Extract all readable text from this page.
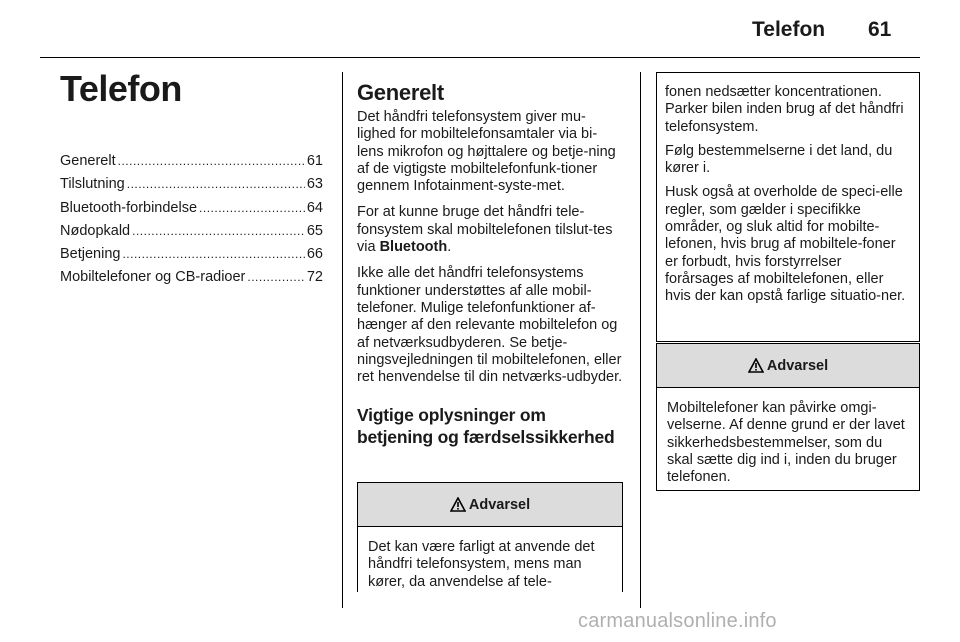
Telefon 61
Telefon
Generelt .....	61
Tilslutning .....	63
Bluetooth-forbindelse .....	64
Nødopkald .....	65
Betjening .....	66
Mobiltelefoner og CB-radioer .....	72
Generelt

Det håndfri telefonsystem giver mu-lighed for mobiltelefonsamtaler via bi-lens mikrofon og højttalere og betje-ning af de vigtigste mobiltelefonfunk-tioner gennem Infotainment-syste-met.

For at kunne bruge det håndfri tele-fonsystem skal mobiltelefonen tilslut-tes via Bluetooth.

Ikke alle det håndfri telefonsystems funktioner understøttes af alle mobil-telefoner. Mulige telefonfunktioner af-hænger af den relevante mobiltelefon og af netværksudbyderen. Se betje-ningsvejledningen til mobiltelefonen, eller ret henvendelse til din netværks-udbyder.

Vigtige oplysninger om betjening og færdselssikkerhed
Advarsel
Det kan være farligt at anvende det håndfri telefonsystem, mens man kører, da anvendelse af tele-

fonen nedsætter koncentrationen. Parker bilen inden brug af det håndfri telefonsystem.

Følg bestemmelserne i det land, du kører i.

Husk også at overholde de speci-elle regler, som gælder i specifikke områder, og sluk altid for mobilte-lefonen, hvis brug af mobiltele-foner er forbudt, hvis forstyrrelser forårsages af mobiltelefonen, eller hvis der kan opstå farlige situatio-ner.

Advarsel
Mobiltelefoner kan påvirke omgi-velserne. Af denne grund er der lavet sikkerhedsbestemmelser, som du skal sætte dig ind i, inden du bruger telefonen.
carmanualsonline.info
